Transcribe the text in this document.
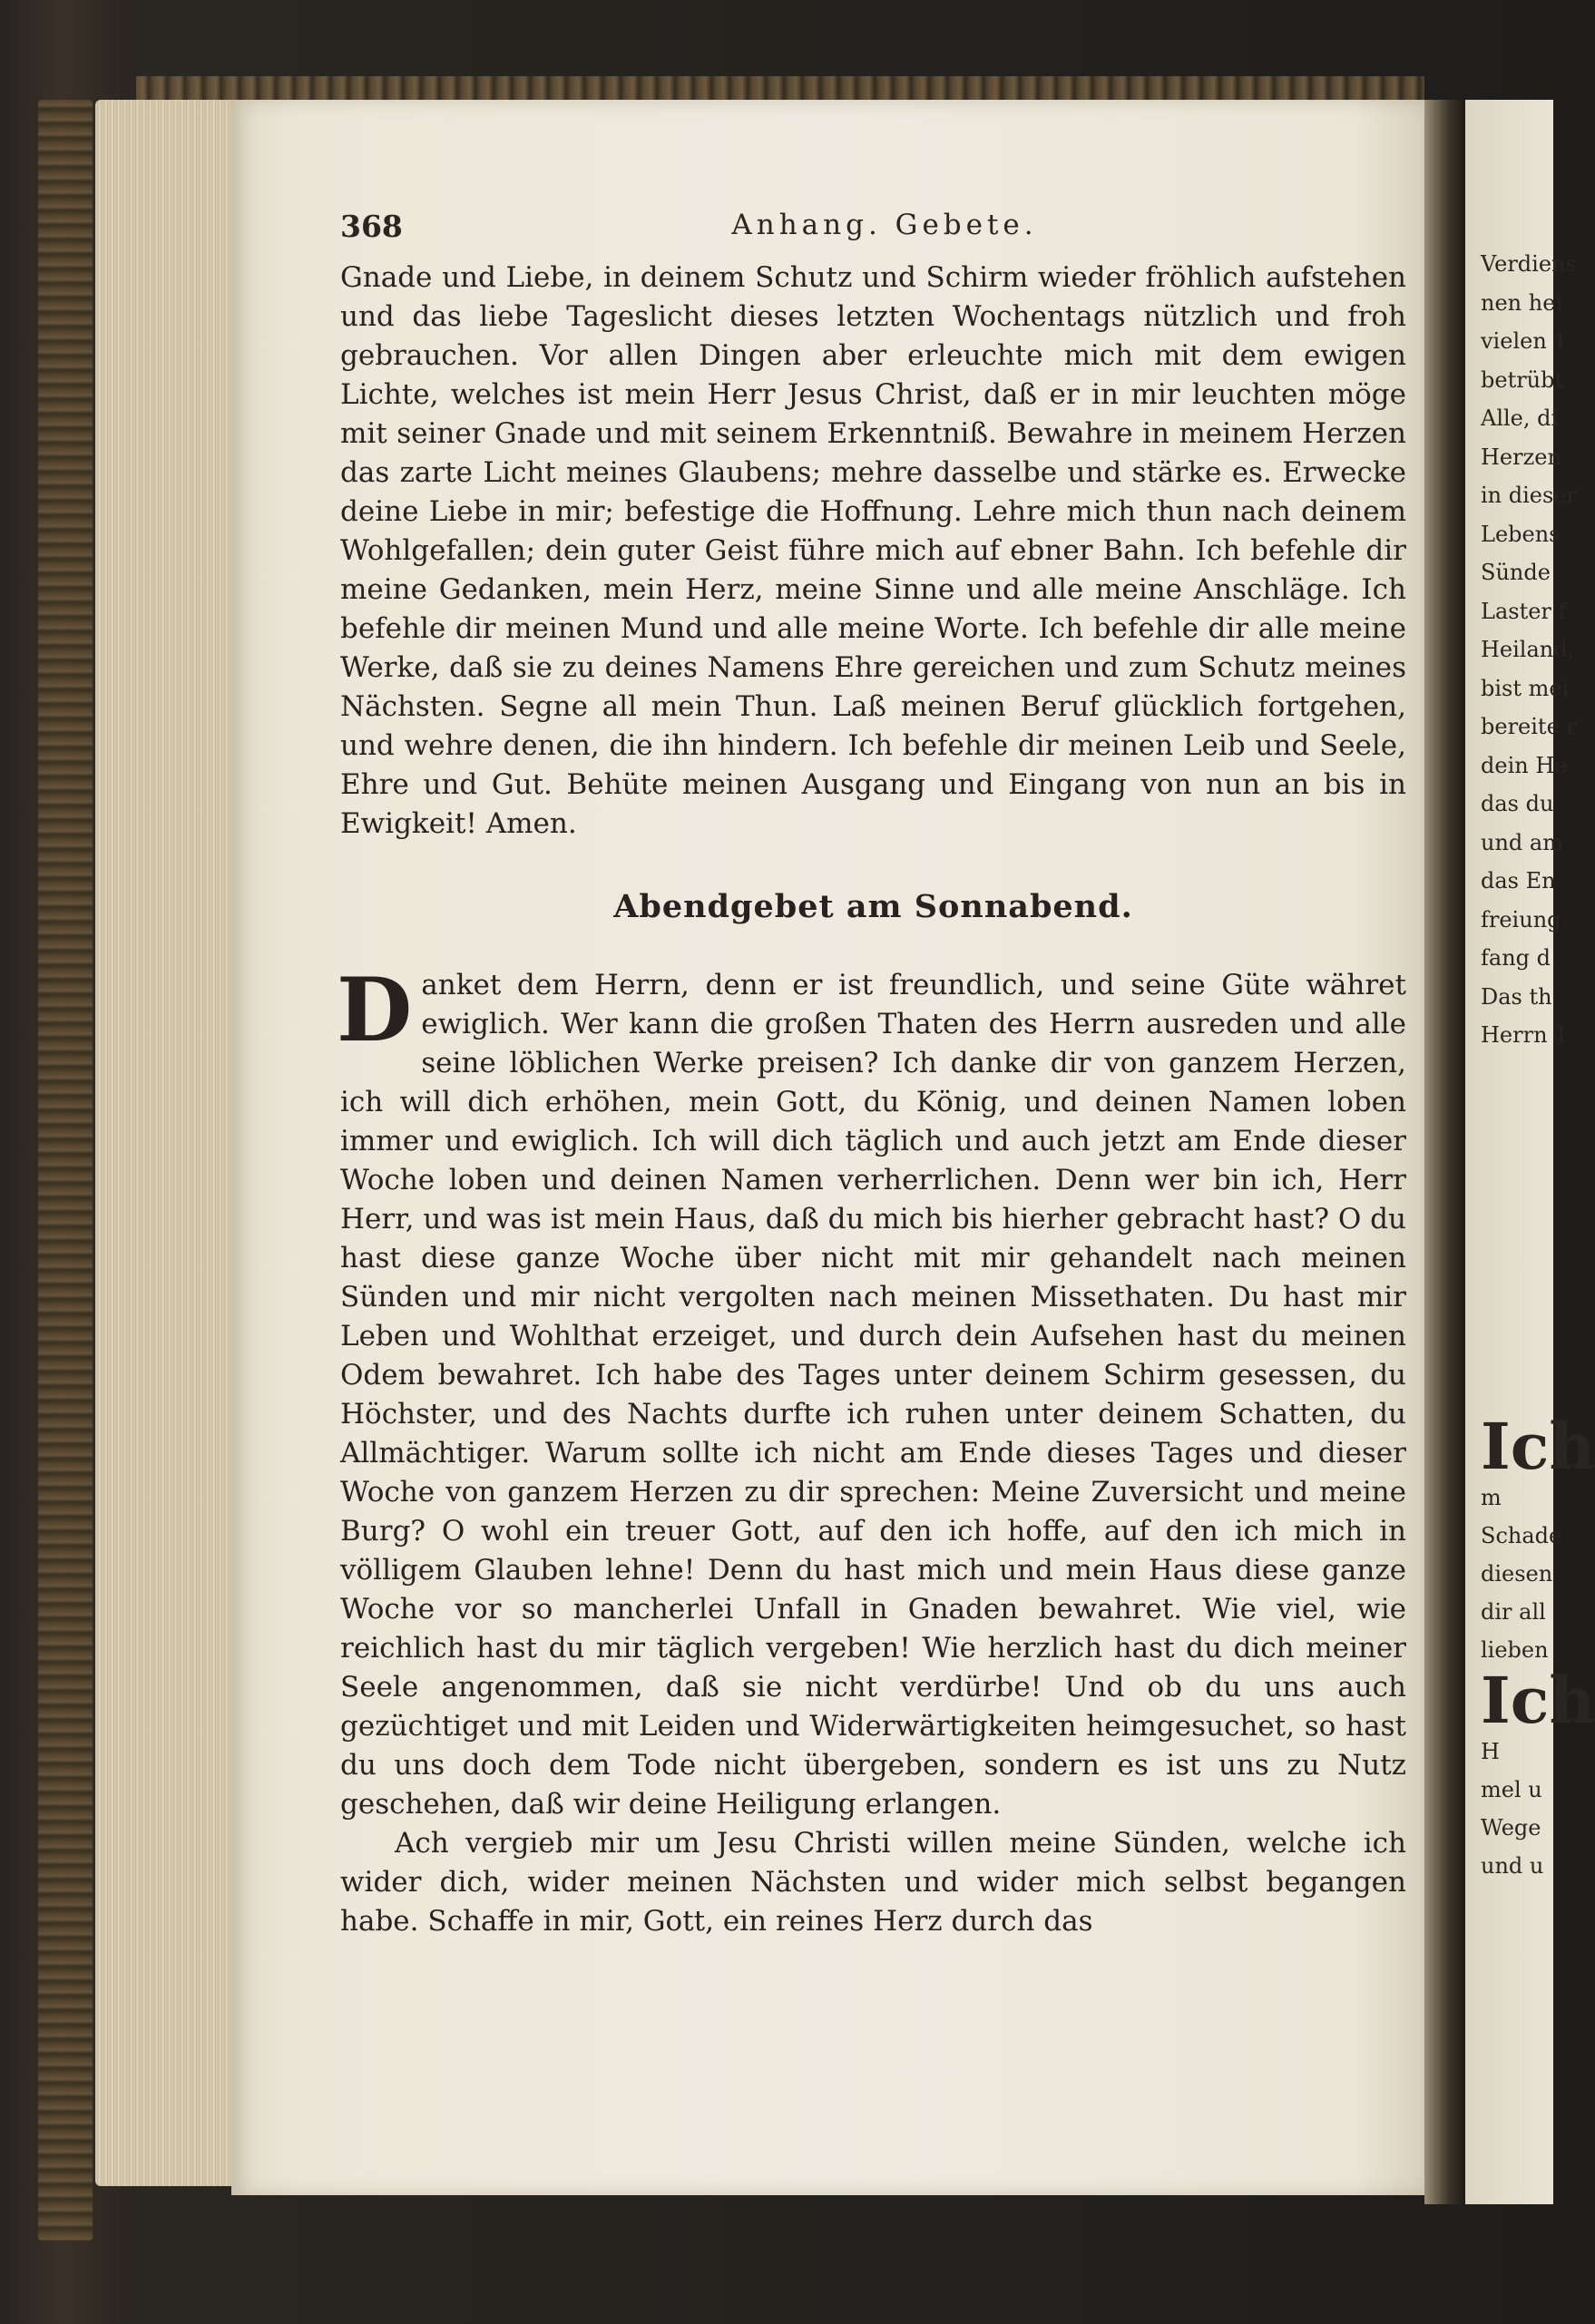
368	Anhang. Gebete.

Gnade und Liebe, in deinem Schutz und Schirm wieder fröhlich aufstehen und das liebe Tageslicht dieses letzten Wochentags nützlich und froh gebrauchen. Vor allen Dingen aber erleuchte mich mit dem ewigen Lichte, welches ist mein Herr Jesus Christ, daß er in mir leuchten möge mit seiner Gnade und mit seinem Erkenntniß. Bewahre in meinem Herzen das zarte Licht meines Glaubens; mehre dasselbe und stärke es. Erwecke deine Liebe in mir; befestige die Hoffnung. Lehre mich thun nach deinem Wohlgefallen; dein guter Geist führe mich auf ebner Bahn. Ich befehle dir meine Gedanken, mein Herz, meine Sinne und alle meine Anschläge. Ich befehle dir meinen Mund und alle meine Worte. Ich befehle dir alle meine Werke, daß sie zu deines Namens Ehre gereichen und zum Schutz meines Nächsten. Segne all mein Thun. Laß meinen Beruf glücklich fortgehen, und wehre denen, die ihn hindern. Ich befehle dir meinen Leib und Seele, Ehre und Gut. Behüte meinen Ausgang und Eingang von nun an bis in Ewigkeit! Amen.

Abendgebet am Sonnabend.

Danket dem Herrn, denn er ist freundlich, und seine Güte währet ewiglich. Wer kann die großen Thaten des Herrn ausreden und alle seine löblichen Werke preisen? Ich danke dir von ganzem Herzen, ich will dich erhöhen, mein Gott, du König, und deinen Namen loben immer und ewiglich. Ich will dich täglich und auch jetzt am Ende dieser Woche loben und deinen Namen verherrlichen. Denn wer bin ich, Herr Herr, und was ist mein Haus, daß du mich bis hierher gebracht hast? O du hast diese ganze Woche über nicht mit mir gehandelt nach meinen Sünden und mir nicht vergolten nach meinen Missethaten. Du hast mir Leben und Wohlthat erzeiget, und durch dein Aufsehen hast du meinen Odem bewahret. Ich habe des Tages unter deinem Schirm gesessen, du Höchster, und des Nachts durfte ich ruhen unter deinem Schatten, du Allmächtiger. Warum sollte ich nicht am Ende dieses Tages und dieser Woche von ganzem Herzen zu dir sprechen: Meine Zuversicht und meine Burg? O wohl ein treuer Gott, auf den ich hoffe, auf den ich mich in völligem Glauben lehne! Denn du hast mich und mein Haus diese ganze Woche vor so mancherlei Unfall in Gnaden bewahret. Wie viel, wie reichlich hast du mir täglich vergeben! Wie herzlich hast du dich meiner Seele angenommen, daß sie nicht verdürbe! Und ob du uns auch gezüchtiget und mit Leiden und Widerwärtigkeiten heimgesuchet, so hast du uns doch dem Tode nicht übergeben, sondern es ist uns zu Nutz geschehen, daß wir deine Heiligung erlangen.

Ach vergieb mir um Jesu Christi willen meine Sünden, welche ich wider dich, wider meinen Nächsten und wider mich selbst begangen habe. Schaffe in mir, Gott, ein reines Herz durch das

Verdiens
nen hei
vielen 1
betrübt
Alle, di
Herzen
in dieser
Lebens
Sünde
Laster f
Heiland,
bist mei
bereite r
dein He
das du
und am
das En
freiung
fang d
Das th
Herrn 1
Ich
m
Schade
diesen
dir all
lieben
Ich
H
mel u
Wege
und u
